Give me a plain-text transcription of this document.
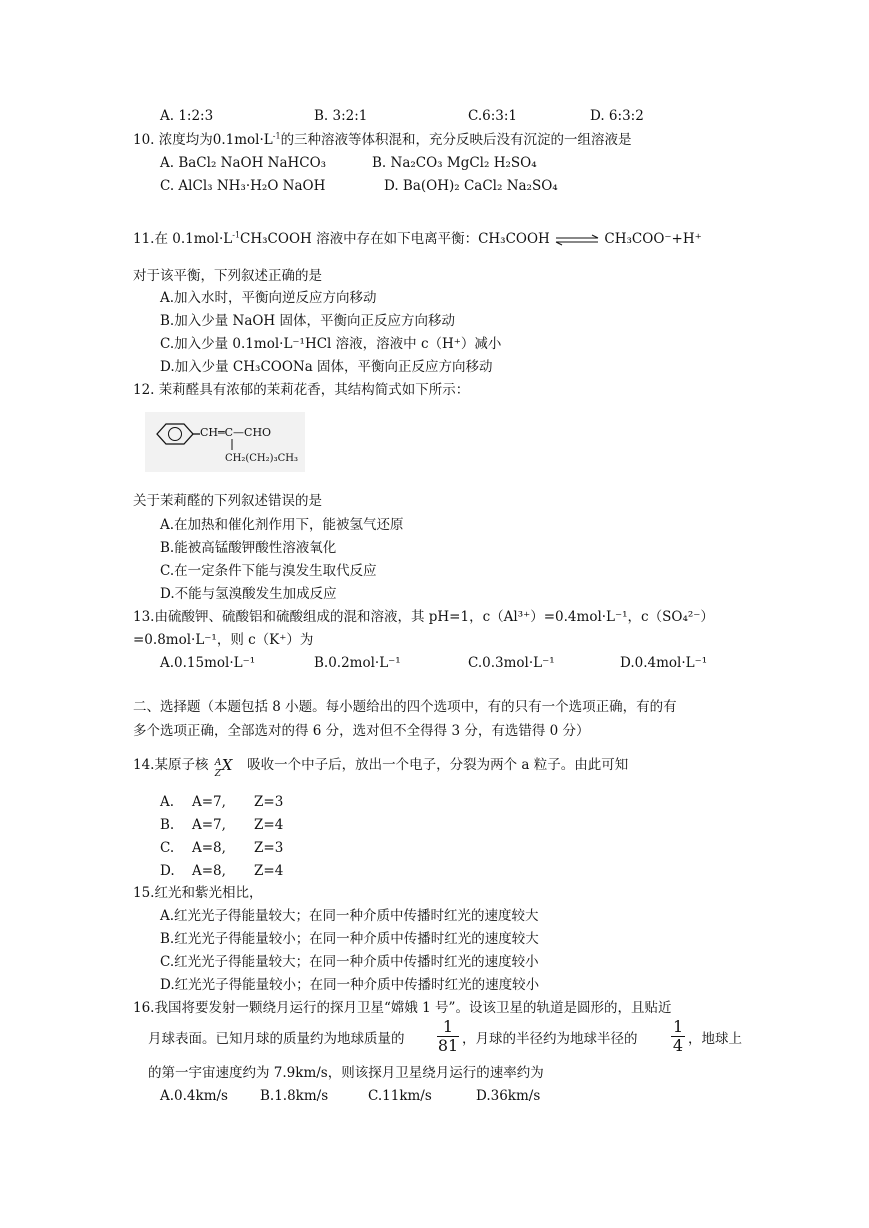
A. 1:2:3	B. 3:2:1	C.6:3:1	D. 6:3:2
10. 浓度均为$0.1mol\cdot L^{-1}$的三种溶液等体积混和，充分反映后没有沉淀的一组溶液是
A. BaCl₂ NaOH NaHCO₃	B. Na₂CO₃ MgCl₂ H₂SO₄
C. AlCl₃ NH₃·H₂O NaOH	D. Ba(OH)₂ CaCl₂ Na₂SO₄
11.在 $0.1mol\cdot L^{-1}CH_3COOH$ 溶液中存在如下电离平衡：CH₃COOH ⇌ CH₃COO⁻+H⁺
对于该平衡，下列叙述正确的是
A.加入水时，平衡向逆反应方向移动
B.加入少量 NaOH 固体，平衡向正反应方向移动
C.加入少量 0.1mol·L⁻¹HCl 溶液，溶液中 c（H⁺）减小
D.加入少量 CH₃COONa 固体，平衡向正反应方向移动
12. 茉莉醛具有浓郁的茉莉花香，其结构简式如下所示：
CH═C—CHO
CH₂(CH₂)₃CH₃
关于茉莉醛的下列叙述错误的是
A.在加热和催化剂作用下，能被氢气还原
B.能被高锰酸钾酸性溶液氧化
C.在一定条件下能与溴发生取代反应
D.不能与氢溴酸发生加成反应
13.由硫酸钾、硫酸铝和硫酸组成的混和溶液，其 pH=1，c（Al³⁺）=0.4mol·L⁻¹，c（SO₄²⁻）
=0.8mol·L⁻¹，则 c（K⁺）为
A.0.15mol·L⁻¹	B.0.2mol·L⁻¹	C.0.3mol·L⁻¹	D.0.4mol·L⁻¹
二、选择题（本题包括 8 小题。每小题给出的四个选项中，有的只有一个选项正确，有的有
多个选项正确，全部选对的得 6 分，选对但不全得得 3 分，有选错得 0 分）
14.某原子核 A
Z X 吸收一个中子后，放出一个电子，分裂为两个 a 粒子。由此可知
A. A=7, Z=3
B. A=7, Z=4
C. A=8, Z=3
D. A=8, Z=4
15.红光和紫光相比，
A.红光光子得能量较大；在同一种介质中传播时红光的速度较大
B.红光光子得能量较小；在同一种介质中传播时红光的速度较大
C.红光光子得能量较大；在同一种介质中传播时红光的速度较小
D.红光光子得能量较小；在同一种介质中传播时红光的速度较小
16.我国将要发射一颗绕月运行的探月卫星“嫦娥 1 号”。设该卫星的轨道是圆形的，且贴近
月球表面。已知月球的质量约为地球质量的 $\frac{1}{81}$ ，月球的半径约为地球半径的 $\frac{1}{4}$ ，地球上
的第一宇宙速度约为 7.9km/s，则该探月卫星绕月运行的速率约为
A.0.4km/s B.1.8km/s	C.11km/s	D.36km/s
